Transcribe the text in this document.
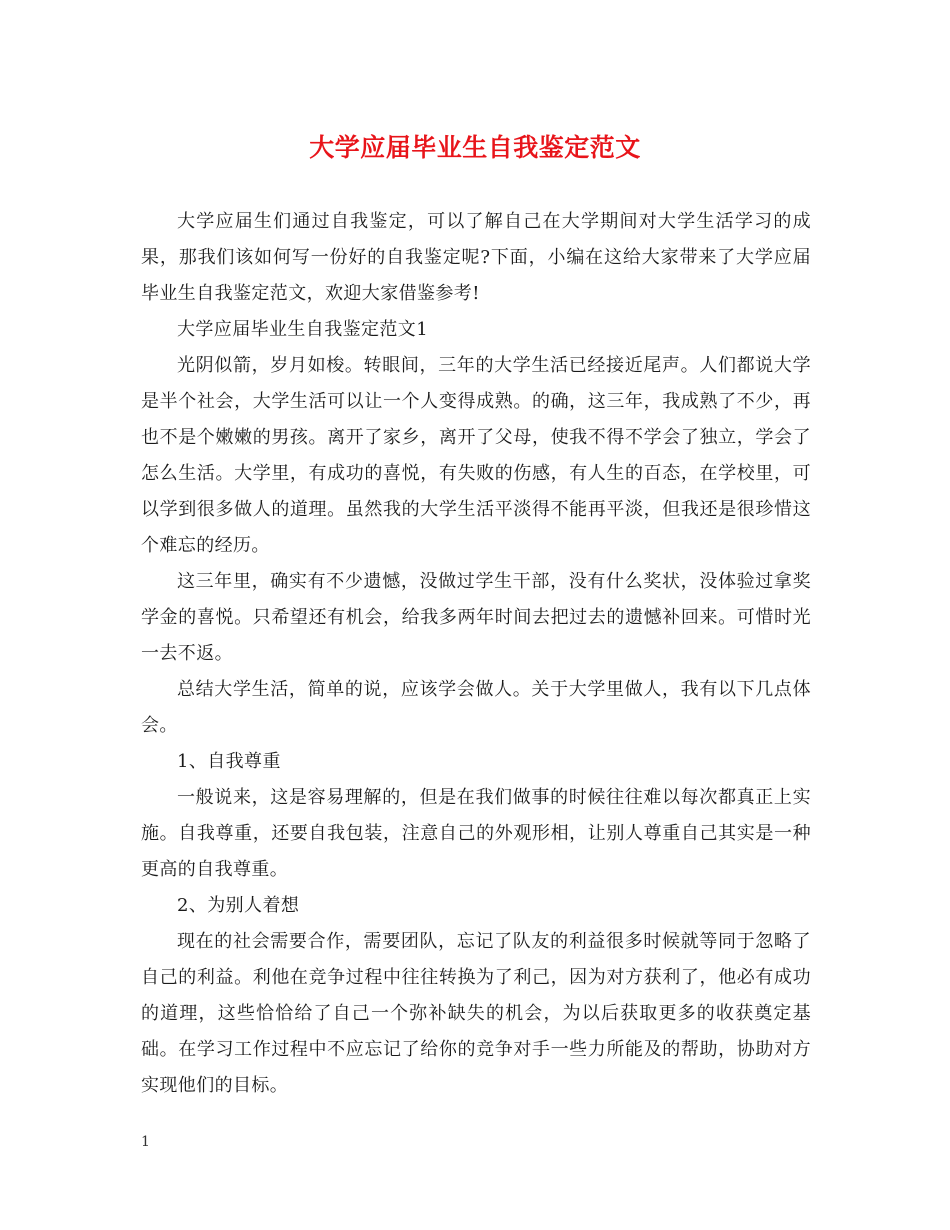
大学应届毕业生自我鉴定范文

大学应届生们通过自我鉴定，可以了解自己在大学期间对大学生活学习的成果，那我们该如何写一份好的自我鉴定呢?下面，小编在这给大家带来了大学应届毕业生自我鉴定范文，欢迎大家借鉴参考!

大学应届毕业生自我鉴定范文1

光阴似箭，岁月如梭。转眼间，三年的大学生活已经接近尾声。人们都说大学是半个社会，大学生活可以让一个人变得成熟。的确，这三年，我成熟了不少，再也不是个嫩嫩的男孩。离开了家乡，离开了父母，使我不得不学会了独立，学会了怎么生活。大学里，有成功的喜悦，有失败的伤感，有人生的百态，在学校里，可以学到很多做人的道理。虽然我的大学生活平淡得不能再平淡，但我还是很珍惜这个难忘的经历。

这三年里，确实有不少遗憾，没做过学生干部，没有什么奖状，没体验过拿奖学金的喜悦。只希望还有机会，给我多两年时间去把过去的遗憾补回来。可惜时光一去不返。

总结大学生活，简单的说，应该学会做人。关于大学里做人，我有以下几点体会。

1、自我尊重

一般说来，这是容易理解的，但是在我们做事的时候往往难以每次都真正上实施。自我尊重，还要自我包装，注意自己的外观形相，让别人尊重自己其实是一种更高的自我尊重。

2、为别人着想

现在的社会需要合作，需要团队，忘记了队友的利益很多时候就等同于忽略了自己的利益。利他在竞争过程中往往转换为了利己，因为对方获利了，他必有成功的道理，这些恰恰给了自己一个弥补缺失的机会，为以后获取更多的收获奠定基础。在学习工作过程中不应忘记了给你的竞争对手一些力所能及的帮助，协助对方实现他们的目标。

1
